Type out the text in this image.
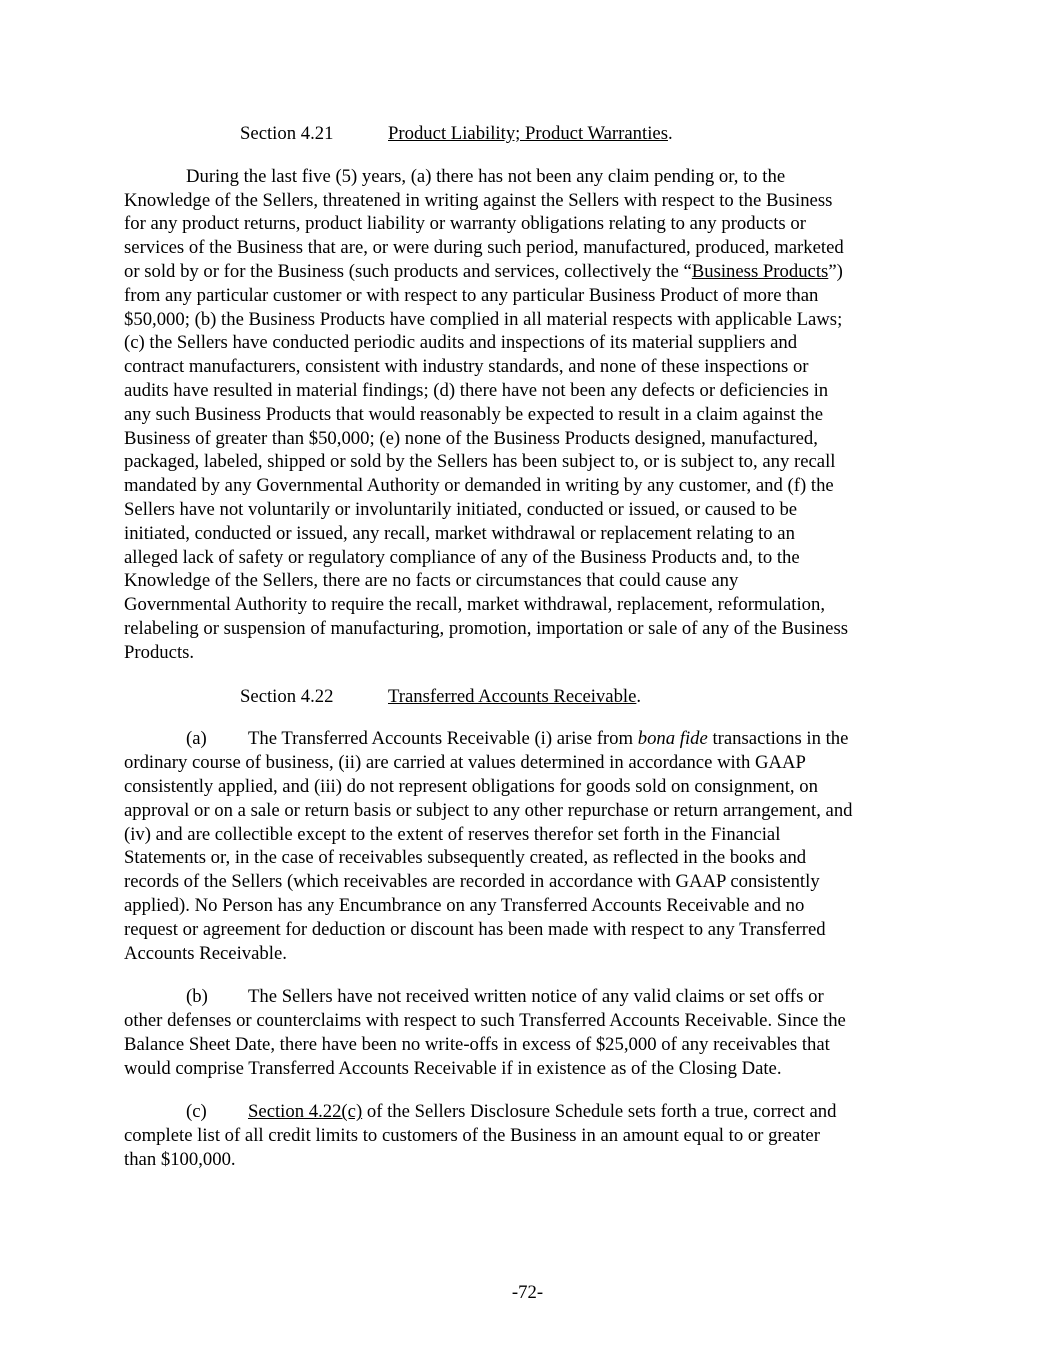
Section 4.21	Product Liability; Product Warranties.
During the last five (5) years, (a) there has not been any claim pending or, to the
Knowledge of the Sellers, threatened in writing against the Sellers with respect to the Business
for any product returns, product liability or warranty obligations relating to any products or
services of the Business that are, or were during such period, manufactured, produced, marketed
or sold by or for the Business (such products and services, collectively the “Business Products”)
from any particular customer or with respect to any particular Business Product of more than
$50,000; (b) the Business Products have complied in all material respects with applicable Laws;
(c) the Sellers have conducted periodic audits and inspections of its material suppliers and
contract manufacturers, consistent with industry standards, and none of these inspections or
audits have resulted in material findings; (d) there have not been any defects or deficiencies in
any such Business Products that would reasonably be expected to result in a claim against the
Business of greater than $50,000; (e) none of the Business Products designed, manufactured,
packaged, labeled, shipped or sold by the Sellers has been subject to, or is subject to, any recall
mandated by any Governmental Authority or demanded in writing by any customer, and (f) the
Sellers have not voluntarily or involuntarily initiated, conducted or issued, or caused to be
initiated, conducted or issued, any recall, market withdrawal or replacement relating to an
alleged lack of safety or regulatory compliance of any of the Business Products and, to the
Knowledge of the Sellers, there are no facts or circumstances that could cause any
Governmental Authority to require the recall, market withdrawal, replacement, reformulation,
relabeling or suspension of manufacturing, promotion, importation or sale of any of the Business
Products.
Section 4.22	Transferred Accounts Receivable.
(a) The Transferred Accounts Receivable (i) arise from bona fide transactions in the
ordinary course of business, (ii) are carried at values determined in accordance with GAAP
consistently applied, and (iii) do not represent obligations for goods sold on consignment, on
approval or on a sale or return basis or subject to any other repurchase or return arrangement, and
(iv) and are collectible except to the extent of reserves therefor set forth in the Financial
Statements or, in the case of receivables subsequently created, as reflected in the books and
records of the Sellers (which receivables are recorded in accordance with GAAP consistently
applied). No Person has any Encumbrance on any Transferred Accounts Receivable and no
request or agreement for deduction or discount has been made with respect to any Transferred
Accounts Receivable.
(b) The Sellers have not received written notice of any valid claims or set offs or
other defenses or counterclaims with respect to such Transferred Accounts Receivable. Since the
Balance Sheet Date, there have been no write-offs in excess of $25,000 of any receivables that
would comprise Transferred Accounts Receivable if in existence as of the Closing Date.
(c) Section 4.22(c) of the Sellers Disclosure Schedule sets forth a true, correct and
complete list of all credit limits to customers of the Business in an amount equal to or greater
than $100,000.
-72-
